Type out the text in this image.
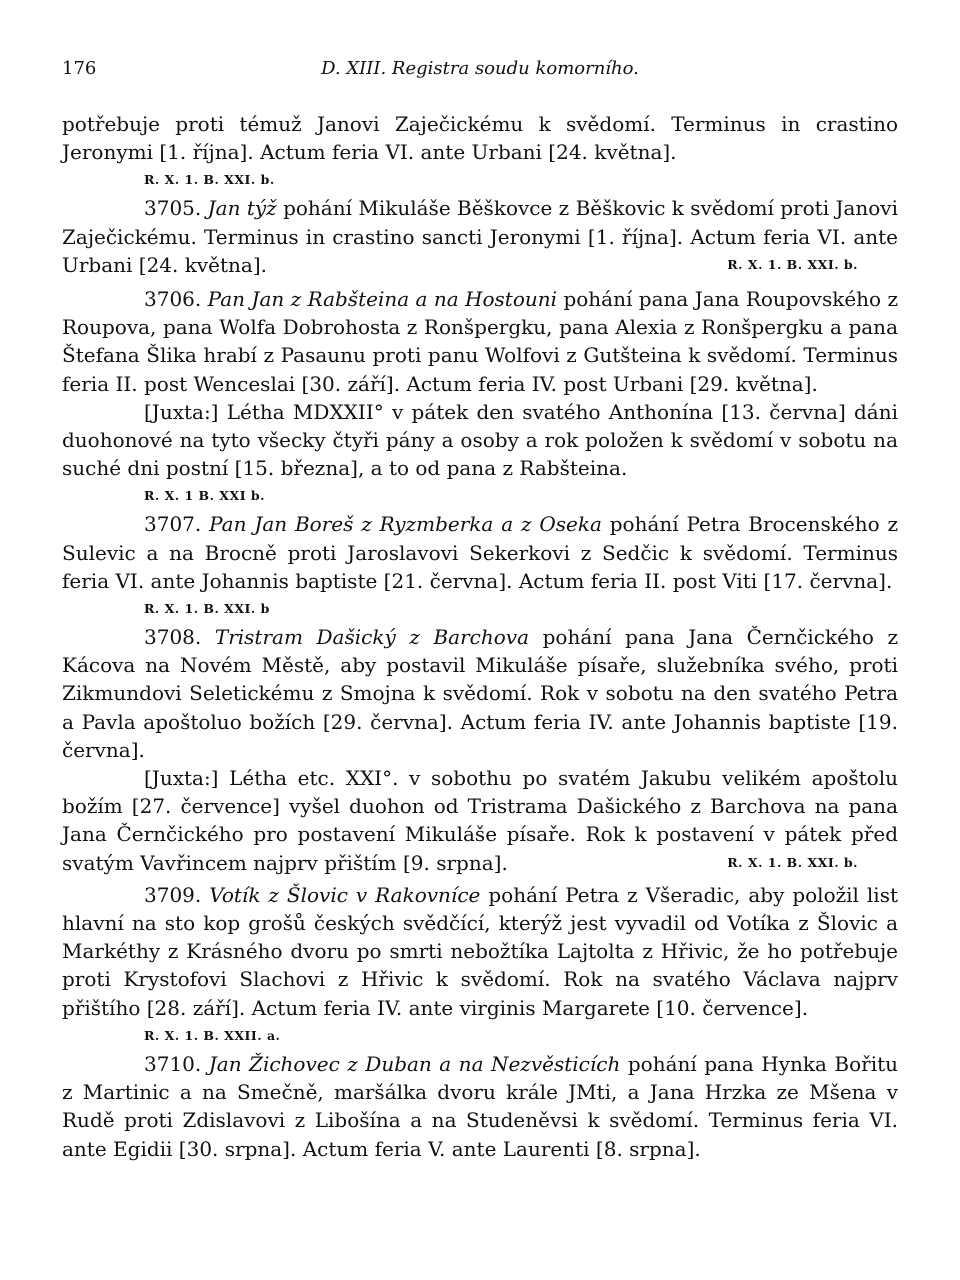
176	D. XIII. Registra soudu komorního.

potřebuje proti témuž Janovi Zaječickému k svědomí. Terminus in crastino Jeronymi [1. října]. Actum feria VI. ante Urbani [24. května].

R. X. 1. B. XXI. b.

3705. Jan týž pohání Mikuláše Běškovce z Běškovic k svědomí proti Janovi Zaječickému. Terminus in crastino sancti Jeronymi [1. října]. Actum feria VI. ante Urbani [24. května].	R. X. 1. B. XXI. b.

3706. Pan Jan z Rabšteina a na Hostouni pohání pana Jana Roupovského z Roupova, pana Wolfa Dobrohosta z Ronšpergku, pana Alexia z Ronšpergku a pana Štefana Šlika hrabí z Pasaunu proti panu Wolfovi z Gutšteina k svědomí. Terminus feria II. post Wenceslai [30. září]. Actum feria IV. post Urbani [29. května].

[Juxta:] Létha MDXXII° v pátek den svatého Anthonína [13. června] dáni duohonové na tyto všecky čtyři pány a osoby a rok položen k svědomí v sobotu na suché dni postní [15. března], a to od pana z Rabšteina.

R. X. 1 B. XXI b.

3707. Pan Jan Boreš z Ryzmberka a z Oseka pohání Petra Brocenského z Sulevic a na Brocně proti Jaroslavovi Sekerkovi z Sedčic k svědomí. Terminus feria VI. ante Johannis baptiste [21. června]. Actum feria II. post Viti [17. června].

R. X. 1. B. XXI. b

3708. Tristram Dašický z Barchova pohání pana Jana Černčického z Kácova na Novém Městě, aby postavil Mikuláše písaře, služebníka svého, proti Zikmundovi Seletickému z Smojna k svědomí. Rok v sobotu na den svatého Petra a Pavla apoštoluo božích [29. června]. Actum feria IV. ante Johannis baptiste [19. června].

[Juxta:] Létha etc. XXI°. v sobothu po svatém Jakubu velikém apoštolu božím [27. července] vyšel duohon od Tristrama Dašického z Barchova na pana Jana Černčického pro postavení Mikuláše písaře. Rok k postavení v pátek před svatým Vavřincem najprv přištím [9. srpna].	R. X. 1. B. XXI. b.

3709. Votík z Šlovic v Rakovníce pohání Petra z Všeradic, aby položil list hlavní na sto kop grošů českých svědčící, kterýž jest vyvadil od Votíka z Šlovic a Markéthy z Krásného dvoru po smrti nebožtíka Lajtolta z Hřivic, že ho potřebuje proti Krystofovi Slachovi z Hřivic k svědomí. Rok na svatého Václava najprv přištího [28. září]. Actum feria IV. ante virginis Margarete [10. července].

R. X. 1. B. XXII. a.

3710. Jan Žichovec z Duban a na Nezvěsticích pohání pana Hynka Bořitu z Martinic a na Smečně, maršálka dvoru krále JMti, a Jana Hrzka ze Mšena v Rudě proti Zdislavovi z Libošína a na Studeněvsi k svědomí. Terminus feria VI. ante Egidii [30. srpna]. Actum feria V. ante Laurenti [8. srpna].
